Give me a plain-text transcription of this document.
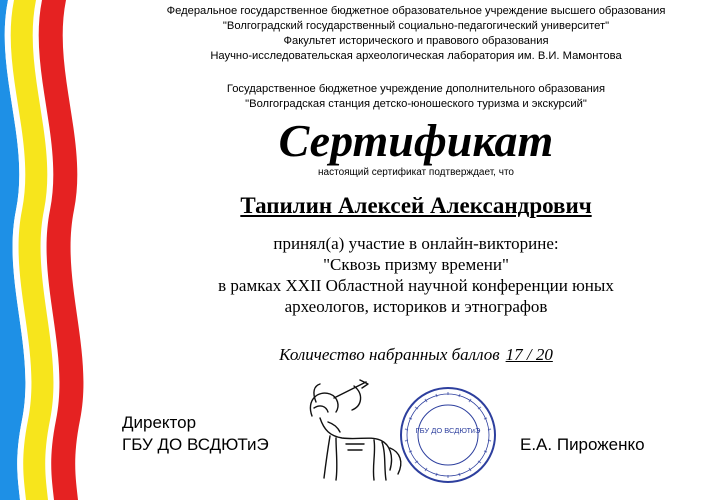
Федеральное государственное бюджетное образовательное учреждение высшего образования
"Волгоградский государственный социально-педагогический университет"
Факультет исторического и правового образования
Научно-исследовательская археологическая лаборатория им. В.И. Мамонтова
Государственное бюджетное учреждение дополнительного образования
"Волгоградская станция детско-юношеского туризма и экскурсий"
Сертификат
настоящий сертификат подтверждает, что
Тапилин Алексей Александрович
принял(а) участие в онлайн-викторине:
"Сквозь призму времени"
в рамках XXII Областной научной конференции юных
археологов, историков и этнографов
Количество набранных баллов 17 / 20
Директор
ГБУ ДО ВСДЮТиЭ	Е.А. Пироженко
ГБУ ДО ВСДЮТиЭ
